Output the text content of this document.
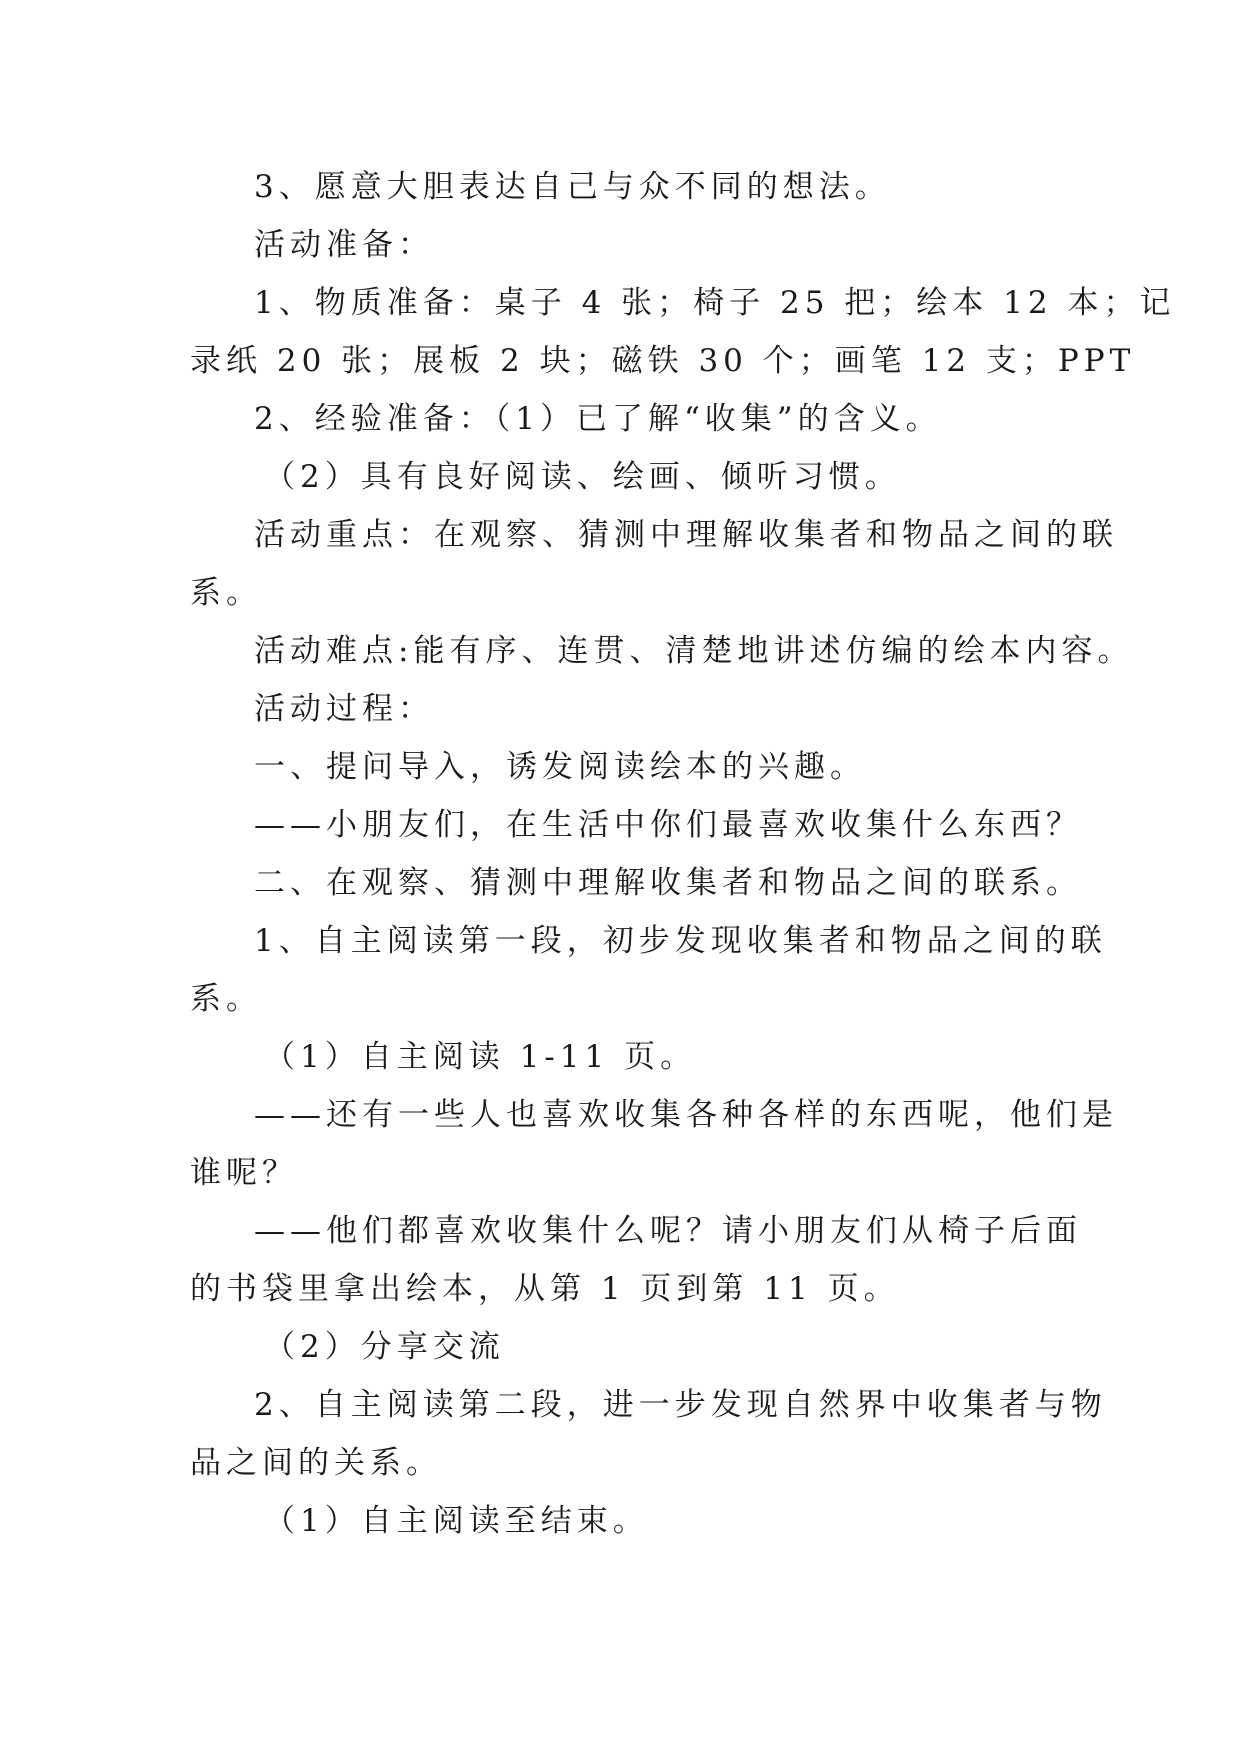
3、愿意大胆表达自己与众不同的想法。

活动准备：

1、物质准备：桌子 4 张；椅子 25 把；绘本 12 本；记

录纸 20 张；展板 2 块；磁铁 30 个；画笔 12 支；PPT

2、经验准备：（1）已了解“收集”的含义。

（2）具有良好阅读、绘画、倾听习惯。

活动重点：在观察、猜测中理解收集者和物品之间的联

系。

活动难点:能有序、连贯、清楚地讲述仿编的绘本内容。

活动过程：

一、提问导入，诱发阅读绘本的兴趣。

——小朋友们，在生活中你们最喜欢收集什么东西？

二、在观察、猜测中理解收集者和物品之间的联系。

1、自主阅读第一段，初步发现收集者和物品之间的联

系。

（1）自主阅读 1-11 页。

——还有一些人也喜欢收集各种各样的东西呢，他们是

谁呢？

——他们都喜欢收集什么呢？请小朋友们从椅子后面

的书袋里拿出绘本，从第 1 页到第 11 页。

（2）分享交流

2、自主阅读第二段，进一步发现自然界中收集者与物

品之间的关系。

（1）自主阅读至结束。
